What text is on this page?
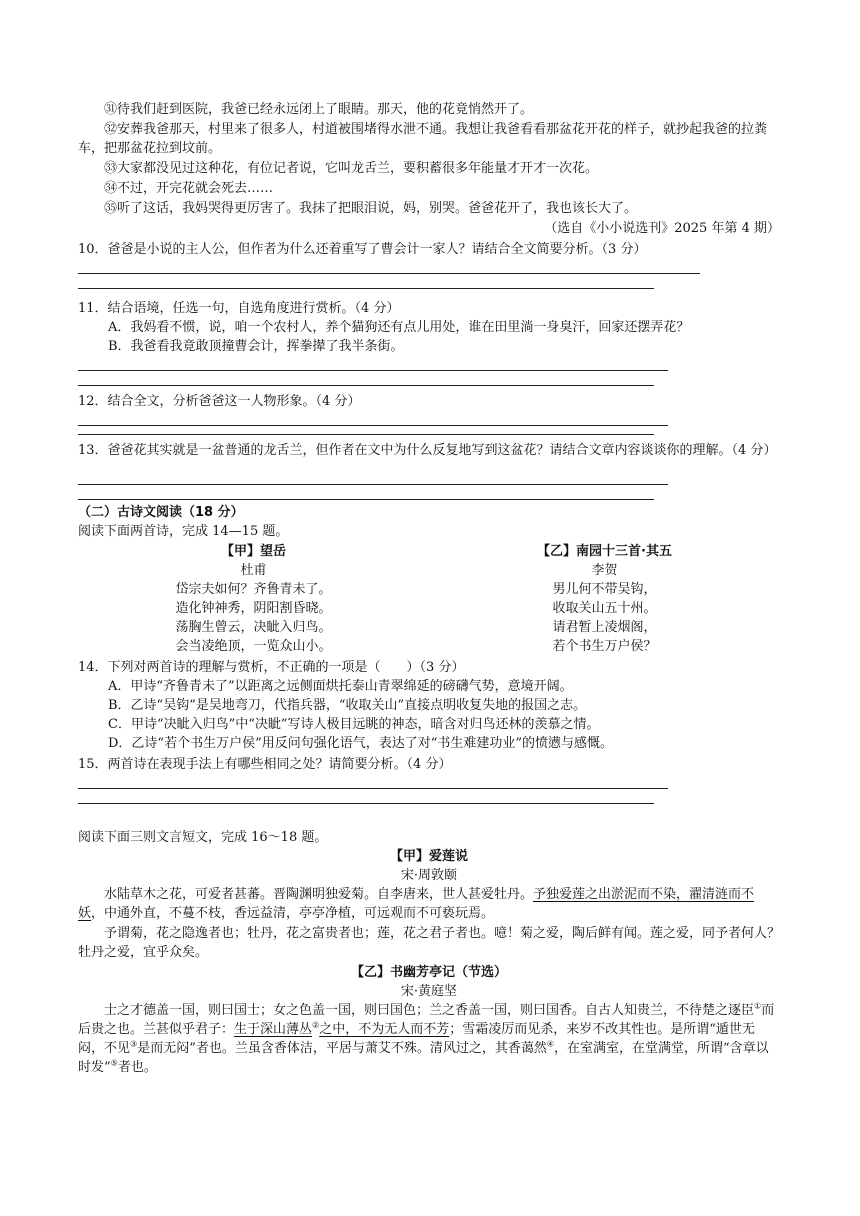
㉛待我们赶到医院，我爸已经永远闭上了眼睛。那天，他的花竟悄然开了。

㉜安葬我爸那天，村里来了很多人，村道被围堵得水泄不通。我想让我爸看看那盆花开花的样子，就抄起我爸的拉粪车，把那盆花拉到坟前。

㉝大家都没见过这种花，有位记者说，它叫龙舌兰，要积蓄很多年能量才开才一次花。

㉞不过，开完花就会死去……

㉟听了这话，我妈哭得更厉害了。我抹了把眼泪说，妈，别哭。爸爸花开了，我也该长大了。

（选自《小小说选刊》2025 年第 4 期）

10．爸爸是小说的主人公，但作者为什么还着重写了曹会计一家人？请结合全文简要分析。（3 分）

11．结合语境，任选一句，自选角度进行赏析。（4 分）

A．我妈看不惯，说，咱一个农村人，养个猫狗还有点儿用处，谁在田里淌一身臭汗，回家还摆弄花？

B．我爸看我竟敢顶撞曹会计，挥拳撵了我半条街。

12．结合全文，分析爸爸这一人物形象。（4 分）

13．爸爸花其实就是一盆普通的龙舌兰，但作者在文中为什么反复地写到这盆花？请结合文章内容谈谈你的理解。（4 分）

（二）古诗文阅读（18 分）

阅读下面两首诗，完成 14—15 题。

【甲】望岳

杜甫

岱宗夫如何？齐鲁青未了。

造化钟神秀，阴阳割昏晓。

荡胸生曾云，决眦入归鸟。

会当凌绝顶，一览众山小。

【乙】南园十三首·其五

李贺

男儿何不带吴钩，

收取关山五十州。

请君暂上凌烟阁，

若个书生万户侯？

14．下列对两首诗的理解与赏析，不正确的一项是（　　）（3 分）

A．甲诗“齐鲁青未了”以距离之远侧面烘托泰山青翠绵延的磅礴气势，意境开阔。

B．乙诗“吴钩”是吴地弯刀，代指兵器，“收取关山”直接点明收复失地的报国之志。

C．甲诗“决眦入归鸟”中“决眦”写诗人极目远眺的神态，暗含对归鸟还林的羡慕之情。

D．乙诗“若个书生万户侯”用反问句强化语气，表达了对“书生难建功业”的愤懑与感慨。

15．两首诗在表现手法上有哪些相同之处？请简要分析。（4 分）

阅读下面三则文言短文，完成 16～18 题。

【甲】爱莲说

宋·周敦颐

水陆草木之花，可爱者甚蕃。晋陶渊明独爱菊。自李唐来，世人甚爱牡丹。予独爱莲之出淤泥而不染，濯清涟而不妖，中通外直，不蔓不枝，香远益清，亭亭净植，可远观而不可亵玩焉。

予谓菊，花之隐逸者也；牡丹，花之富贵者也；莲，花之君子者也。噫！菊之爱，陶后鲜有闻。莲之爱，同予者何人？牡丹之爱，宜乎众矣。

【乙】书幽芳亭记（节选）

宋·黄庭坚

士之才德盖一国，则曰国士；女之色盖一国，则曰国色；兰之香盖一国，则曰国香。自古人知贵兰，不待楚之逐臣①而后贵之也。兰甚似乎君子：生于深山薄丛②之中，不为无人而不芳；雪霜凌厉而见杀，来岁不改其性也。是所谓“遁世无闷，不见③是而无闷”者也。兰虽含香体洁，平居与萧艾不殊。清风过之，其香蔼然④，在室满室，在堂满堂，所谓“含章以时发”⑤者也。
